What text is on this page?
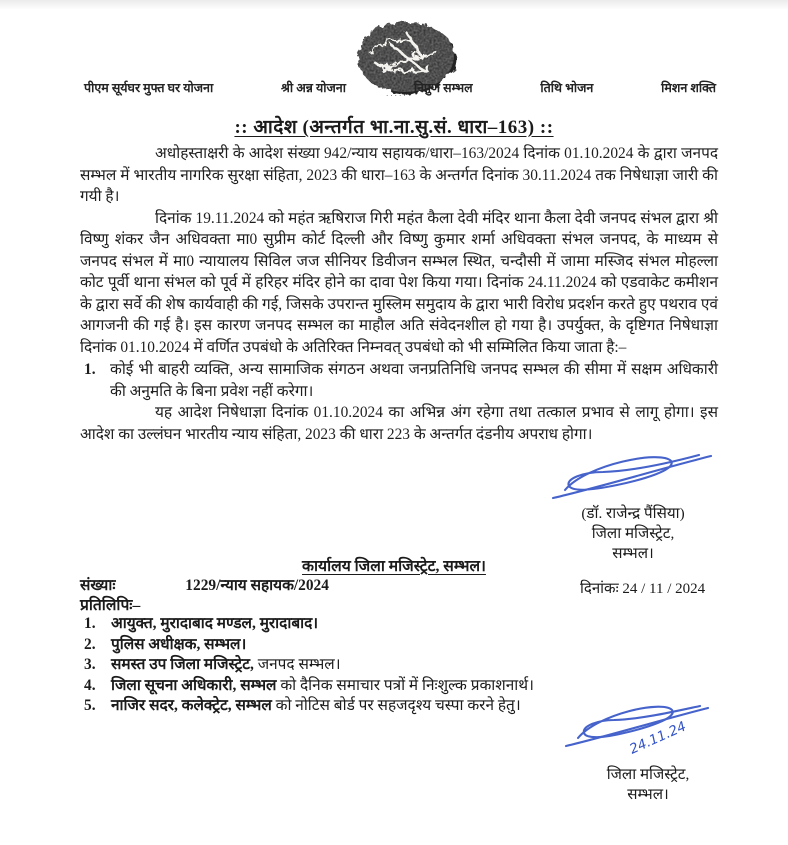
·····
पीएम सूर्यघर मुफ्त घर योजना	श्री अन्न योजना	निपुण सम्भल	तिथि भोजन	मिशन शक्ति
:: आदेश (अन्तर्गत भा.ना.सु.सं. धारा–163) ::

अधोहस्ताक्षरी के आदेश संख्या 942/न्याय सहायक/धारा–163/2024 दिनांक 01.10.2024 के द्वारा जनपद सम्भल में भारतीय नागरिक सुरक्षा संहिता, 2023 की धारा–163 के अन्तर्गत दिनांक 30.11.2024 तक निषेधाज्ञा जारी की गयी है।

दिनांक 19.11.2024 को महंत ऋषिराज गिरी महंत कैला देवी मंदिर थाना कैला देवी जनपद संभल द्वारा श्री विष्णु शंकर जैन अधिवक्ता मा0 सुप्रीम कोर्ट दिल्ली और विष्णु कुमार शर्मा अधिवक्ता संभल जनपद, के माध्यम से जनपद संभल में मा0 न्यायालय सिविल जज सीनियर डिवीजन सम्भल स्थित, चन्दौसी में जामा मस्जिद संभल मोहल्ला कोट पूर्वी थाना संभल को पूर्व में हरिहर मंदिर होने का दावा पेश किया गया। दिनांक 24.11.2024 को एडवाकेट कमीशन के द्वारा सर्वे की शेष कार्यवाही की गई, जिसके उपरान्त मुस्लिम समुदाय के द्वारा भारी विरोध प्रदर्शन करते हुए पथराव एवं आगजनी की गई है। इस कारण जनपद सम्भल का माहौल अति संवेदनशील हो गया है। उपर्युक्त, के दृष्टिगत निषेधाज्ञा दिनांक 01.10.2024 में वर्णित उपबंधो के अतिरिक्त निम्नवत् उपबंधो को भी सम्मिलित किया जाता है:–

1. कोई भी बाहरी व्यक्ति, अन्य सामाजिक संगठन अथवा जनप्रतिनिधि जनपद सम्भल की सीमा में सक्षम अधिकारी की अनुमति के बिना प्रवेश नहीं करेगा।

यह आदेश निषेधाज्ञा दिनांक 01.10.2024 का अभिन्न अंग रहेगा तथा तत्काल प्रभाव से लागू होगा। इस आदेश का उल्लंघन भारतीय न्याय संहिता, 2023 की धारा 223 के अन्तर्गत दंडनीय अपराध होगा।

(डॉ. राजेन्द्र पैंसिया)
जिला मजिस्ट्रेट,
सम्भल।
कार्यालय जिला मजिस्ट्रेट, सम्भल।
संख्याः	1229/न्याय सहायक/2024	दिनांकः 24 / 11 / 2024
प्रतिलिपिः–
1.	आयुक्त, मुरादाबाद मण्डल, मुरादाबाद।
2.	पुलिस अधीक्षक, सम्भल।
3.	समस्त उप जिला मजिस्ट्रेट, जनपद सम्भल।
4.	जिला सूचना अधिकारी, सम्भल को दैनिक समाचार पत्रों में निःशुल्क प्रकाशनार्थ।
5.	नाजिर सदर, कलेक्ट्रेट, सम्भल को नोटिस बोर्ड पर सहजदृश्य चस्पा करने हेतु।
24.11.24
जिला मजिस्ट्रेट,
सम्भल।
